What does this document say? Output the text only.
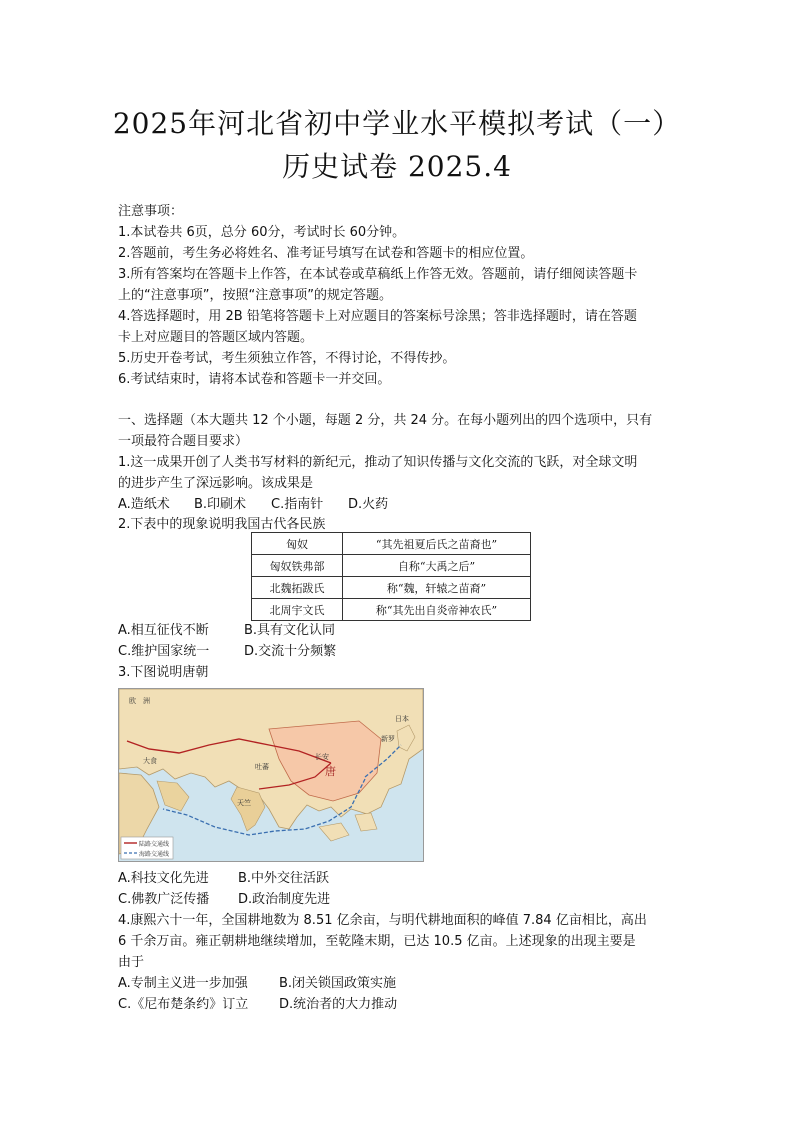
2025年河北省初中学业水平模拟考试（一）
历史试卷 2025.4
注意事项：
1.本试卷共 6页，总分 60分，考试时长 60分钟。
2.答题前，考生务必将姓名、准考证号填写在试卷和答题卡的相应位置。
3.所有答案均在答题卡上作答，在本试卷或草稿纸上作答无效。答题前，请仔细阅读答题卡
上的“注意事项”，按照“注意事项”的规定答题。
4.答选择题时，用 2B 铅笔将答题卡上对应题目的答案标号涂黑；答非选择题时，请在答题
卡上对应题目的答题区域内答题。
5.历史开卷考试，考生须独立作答，不得讨论，不得传抄。
6.考试结束时，请将本试卷和答题卡一并交回。
一、选择题（本大题共 12 个小题，每题 2 分，共 24 分。在每小题列出的四个选项中，只有
一项最符合题目要求）
1.这一成果开创了人类书写材料的新纪元，推动了知识传播与文化交流的飞跃，对全球文明
的进步产生了深远影响。该成果是
A.造纸术 B.印刷术 C.指南针 D.火药
2.下表中的现象说明我国古代各民族
匈奴	“其先祖夏后氏之苗裔也”
匈奴铁弗部	自称“大禹之后”
北魏拓跋氏	称“魏，轩辕之苗裔”
北周宇文氏	称“其先出自炎帝神农氏”
A.相互征伐不断	B.具有文化认同
C.维护国家统一	D.交流十分频繁
3.下图说明唐朝
欧　洲
大食
天竺
吐蕃	唐
长安
日本
新罗
陆路交通线
海路交通线
A.科技文化先进 B.中外交往活跃
C.佛教广泛传播 D.政治制度先进
4.康熙六十一年，全国耕地数为 8.51 亿余亩，与明代耕地面积的峰值 7.84 亿亩相比，高出
6 千余万亩。雍正朝耕地继续增加，至乾隆末期，已达 10.5 亿亩。上述现象的出现主要是
由于
A.专制主义进一步加强 B.闭关锁国政策实施
C.《尼布楚条约》订立 D.统治者的大力推动
